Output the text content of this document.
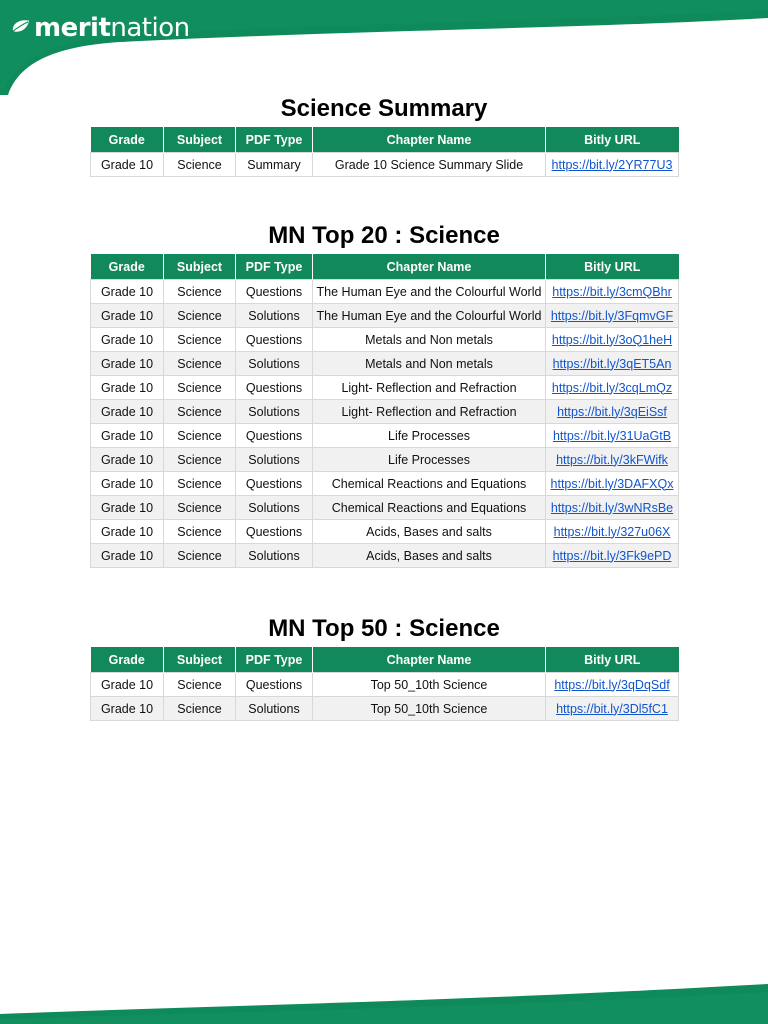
merit nation
Science Summary
Grade	Subject	PDF Type	Chapter Name	Bitly URL
Grade 10	Science	Summary	Grade 10 Science Summary Slide	https://bit.ly/2YR77U3
MN Top 20 : Science
Grade	Subject	PDF Type	Chapter Name	Bitly URL
Grade 10	Science	Questions	The Human Eye and the Colourful World	https://bit.ly/3cmQBhr
Grade 10	Science	Solutions	The Human Eye and the Colourful World	https://bit.ly/3FqmvGF
Grade 10	Science	Questions	Metals and Non metals	https://bit.ly/3oQ1heH
Grade 10	Science	Solutions	Metals and Non metals	https://bit.ly/3qET5An
Grade 10	Science	Questions	Light- Reflection and Refraction	https://bit.ly/3cqLmQz
Grade 10	Science	Solutions	Light- Reflection and Refraction	https://bit.ly/3qEiSsf
Grade 10	Science	Questions	Life Processes	https://bit.ly/31UaGtB
Grade 10	Science	Solutions	Life Processes	https://bit.ly/3kFWifk
Grade 10	Science	Questions	Chemical Reactions and Equations	https://bit.ly/3DAFXQx
Grade 10	Science	Solutions	Chemical Reactions and Equations	https://bit.ly/3wNRsBe
Grade 10	Science	Questions	Acids, Bases and salts	https://bit.ly/327u06X
Grade 10	Science	Solutions	Acids, Bases and salts	https://bit.ly/3Fk9ePD
MN Top 50 : Science
Grade	Subject	PDF Type	Chapter Name	Bitly URL
Grade 10	Science	Questions	Top 50_10th Science	https://bit.ly/3qDqSdf
Grade 10	Science	Solutions	Top 50_10th Science	https://bit.ly/3Dl5fC1
